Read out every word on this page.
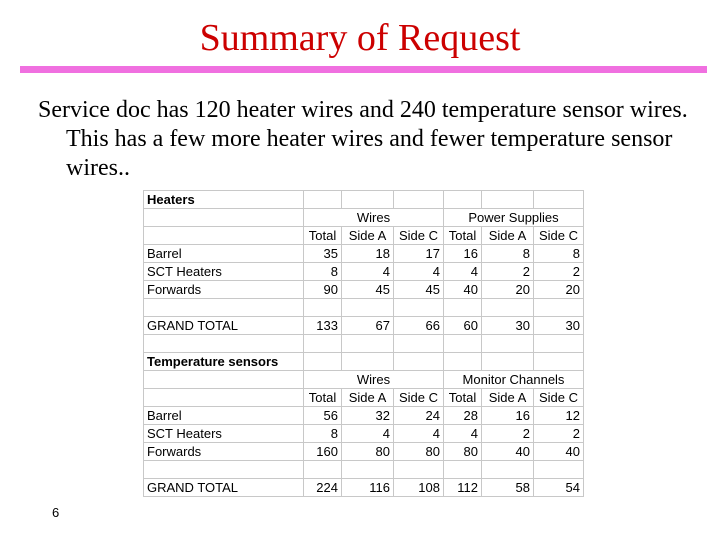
Summary of Request
Service doc has 120 heater wires and 240 temperature sensor wires. This has a few more heater wires and fewer temperature sensor wires..
Heaters						
	Wires			Power Supplies		
	Total	Side A	Side C	Total	Side A	Side C
Barrel	35	18	17	16	8	8
SCT Heaters	8	4	4	4	2	2
Forwards	90	45	45	40	20	20

GRAND TOTAL	133	67	66	60	30	30

Temperature sensors						
	Wires			Monitor Channels		
	Total	Side A	Side C	Total	Side A	Side C
Barrel	56	32	24	28	16	12
SCT Heaters	8	4	4	4	2	2
Forwards	160	80	80	80	40	40

GRAND TOTAL	224	116	108	112	58	54
6
